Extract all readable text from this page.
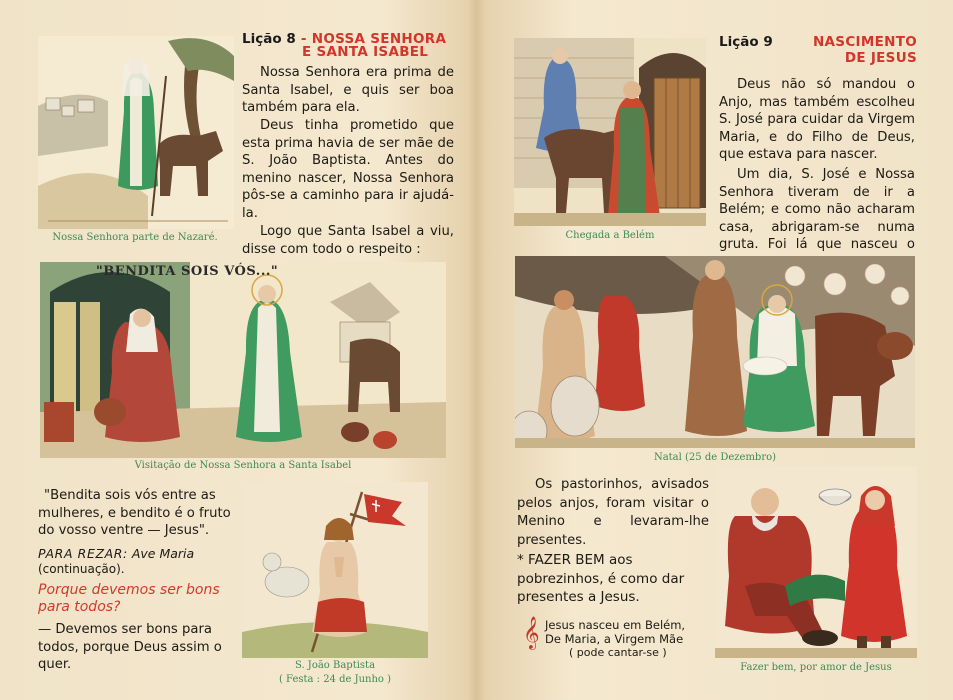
Nossa Senhora parte de Nazaré.
Lição 8 - NOSSA SENHORA
E SANTA ISABEL
Nossa Senhora era prima de Santa Isabel, e quis ser boa também para ela.
Deus tinha prometido que esta prima havia de ser mãe de S. João Baptista. Antes do menino nascer, Nossa Senhora pôs-se a caminho para ir ajudá-la.
Logo que Santa Isabel a viu, disse com todo o respeito :
"BENDITA SOIS VÓS..."
Visitação de Nossa Senhora a Santa Isabel
"Bendita sois vós entre as mulheres, e bendito é o fruto do vosso ventre — Jesus".
PARA REZAR: Ave Maria
(continuação).
Porque devemos ser bons para todos?
— Devemos ser bons para todos, porque Deus assim o quer.	S. João Baptista
( Festa : 24 de Junho )
Chegada a Belém
Lição 9	NASCIMENTO
DE JESUS
Deus não só mandou o Anjo, mas também escolheu S. José para cuidar da Virgem Maria, e do Filho de Deus, que estava para nascer.
Um dia, S. José e Nossa Senhora tiveram de ir a Belém; e como não acharam casa, abrigaram-se numa gruta. Foi lá que nasceu o
Natal (25 de Dezembro)
Os pastorinhos, avisados pelos anjos, foram visitar o Menino e levaram-lhe presentes.
* FAZER BEM aos pobrezinhos, é como dar presentes a Jesus.
𝄞 Jesus nasceu em Belém,
De Maria, a Virgem Mãe
( pode cantar-se )
Fazer bem, por amor de Jesus
